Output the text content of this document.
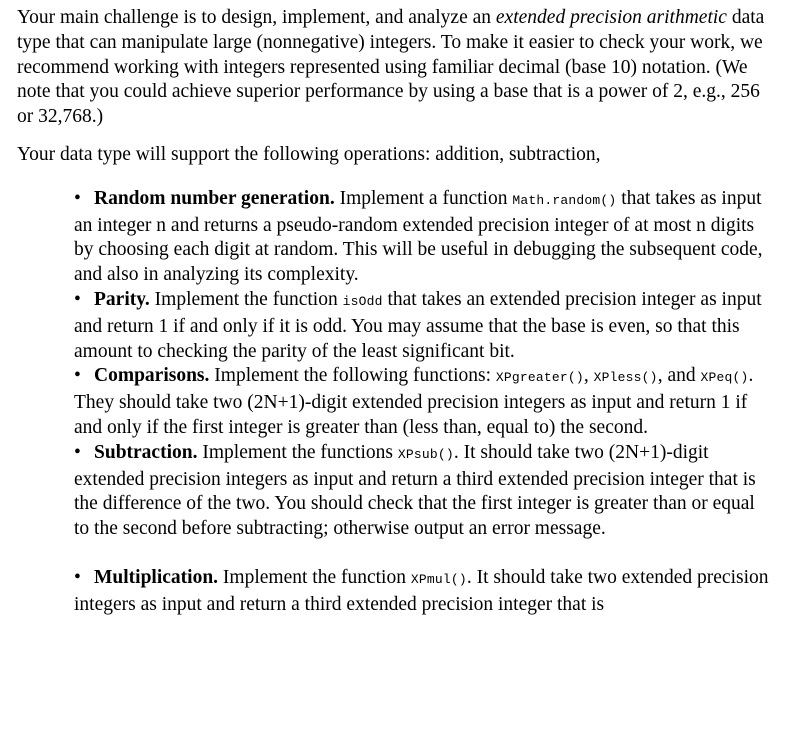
Your main challenge is to design, implement, and analyze an extended precision arithmetic data type that can manipulate large (nonnegative) integers. To make it easier to check your work, we recommend working with integers represented using familiar decimal (base 10) notation. (We note that you could achieve superior performance by using a base that is a power of 2, e.g., 256 or 32,768.)

Your data type will support the following operations: addition, subtraction,

• Random number generation. Implement a function Math.random() that takes as input an integer n and returns a pseudo-random extended precision integer of at most n digits by choosing each digit at random. This will be useful in debugging the subsequent code, and also in analyzing its complexity.
• Parity. Implement the function isOdd that takes an extended precision integer as input and return 1 if and only if it is odd. You may assume that the base is even, so that this amount to checking the parity of the least significant bit.
• Comparisons. Implement the following functions: XPgreater(), XPless(), and XPeq(). They should take two (2N+1)-digit extended precision integers as input and return 1 if and only if the first integer is greater than (less than, equal to) the second.
• Subtraction. Implement the functions XPsub(). It should take two (2N+1)-digit extended precision integers as input and return a third extended precision integer that is the difference of the two. You should check that the first integer is greater than or equal to the second before subtracting; otherwise output an error message.
• Multiplication. Implement the function XPmul(). It should take two extended precision integers as input and return a third extended precision integer that is
